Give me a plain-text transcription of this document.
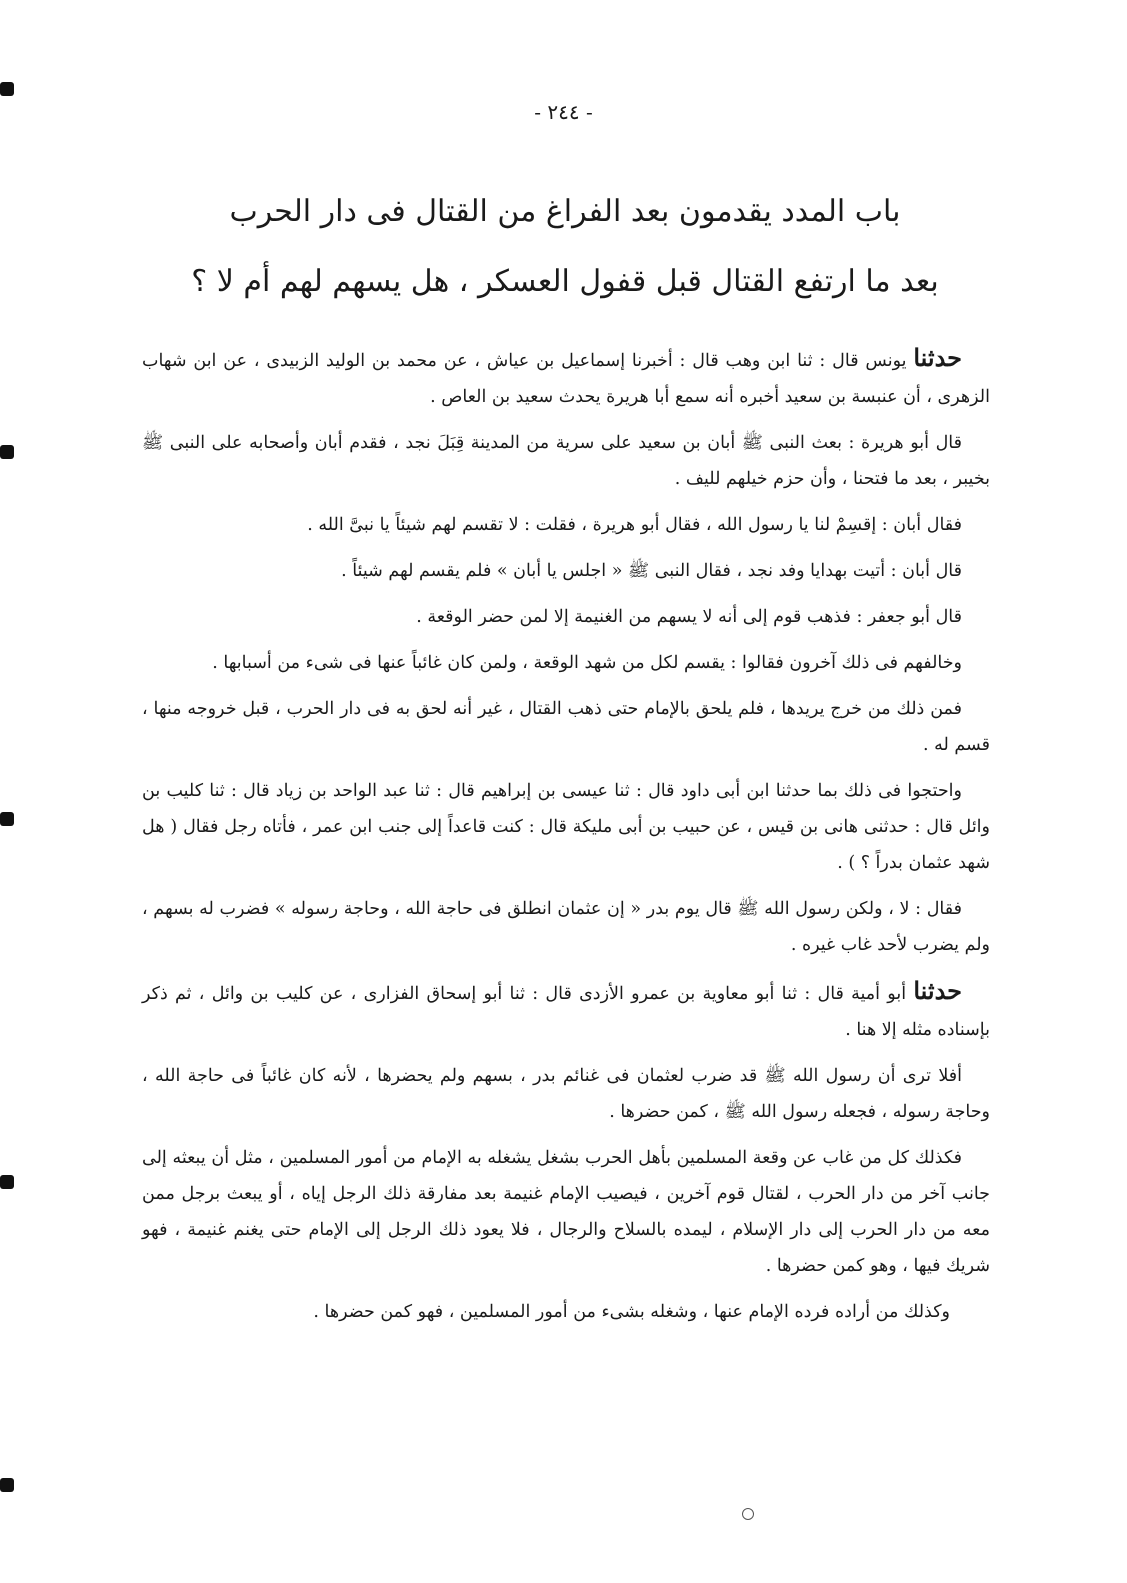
- ٢٤٤ -
باب المدد يقدمون بعد الفراغ من القتال فى دار الحرب
بعد ما ارتفع القتال قبل قفول العسكر ، هل يسهم لهم أم لا ؟

حدثنا يونس قال : ثنا ابن وهب قال : أخبرنا إسماعيل بن عياش ، عن محمد بن الوليد الزبيدى ، عن ابن شهاب الزهرى ، أن عنبسة بن سعيد أخبره أنه سمع أبا هريرة يحدث سعيد بن العاص .

قال أبو هريرة : بعث النبى ﷺ أبان بن سعيد على سرية من المدينة قِبَلَ نجد ، فقدم أبان وأصحابه على النبى ﷺ بخيبر ، بعد ما فتحنا ، وأن حزم خيلهم لليف .

فقال أبان : إقسِمْ لنا يا رسول الله ، فقال أبو هريرة ، فقلت : لا تقسم لهم شيئاً يا نبىَّ الله .

قال أبان : أتيت بهدايا وفد نجد ، فقال النبى ﷺ « اجلس يا أبان » فلم يقسم لهم شيئاً .

قال أبو جعفر : فذهب قوم إلى أنه لا يسهم من الغنيمة إلا لمن حضر الوقعة .

وخالفهم فى ذلك آخرون فقالوا : يقسم لكل من شهد الوقعة ، ولمن كان غائباً عنها فى شىء من أسبابها .

فمن ذلك من خرج يريدها ، فلم يلحق بالإمام حتى ذهب القتال ، غير أنه لحق به فى دار الحرب ، قبل خروجه منها ، قسم له .

واحتجوا فى ذلك بما حدثنا ابن أبى داود قال : ثنا عيسى بن إبراهيم قال : ثنا عبد الواحد بن زياد قال : ثنا كليب بن وائل قال : حدثنى هانى بن قيس ، عن حبيب بن أبى مليكة قال : كنت قاعداً إلى جنب ابن عمر ، فأتاه رجل فقال ( هل شهد عثمان بدراً ؟ ) .

فقال : لا ، ولكن رسول الله ﷺ قال يوم بدر « إن عثمان انطلق فى حاجة الله ، وحاجة رسوله » فضرب له بسهم ، ولم يضرب لأحد غاب غيره .

حدثنا أبو أمية قال : ثنا أبو معاوية بن عمرو الأزدى قال : ثنا أبو إسحاق الفزارى ، عن كليب بن وائل ، ثم ذكر بإسناده مثله إلا هنا .

أفلا ترى أن رسول الله ﷺ قد ضرب لعثمان فى غنائم بدر ، بسهم ولم يحضرها ، لأنه كان غائباً فى حاجة الله ، وحاجة رسوله ، فجعله رسول الله ﷺ ، كمن حضرها .

فكذلك كل من غاب عن وقعة المسلمين بأهل الحرب بشغل يشغله به الإمام من أمور المسلمين ، مثل أن يبعثه إلى جانب آخر من دار الحرب ، لقتال قوم آخرين ، فيصيب الإمام غنيمة بعد مفارقة ذلك الرجل إياه ، أو يبعث برجل ممن معه من دار الحرب إلى دار الإسلام ، ليمده بالسلاح والرجال ، فلا يعود ذلك الرجل إلى الإمام حتى يغنم غنيمة ، فهو شريك فيها ، وهو كمن حضرها .

وكذلك من أراده فرده الإمام عنها ، وشغله بشىء من أمور المسلمين ، فهو كمن حضرها .
